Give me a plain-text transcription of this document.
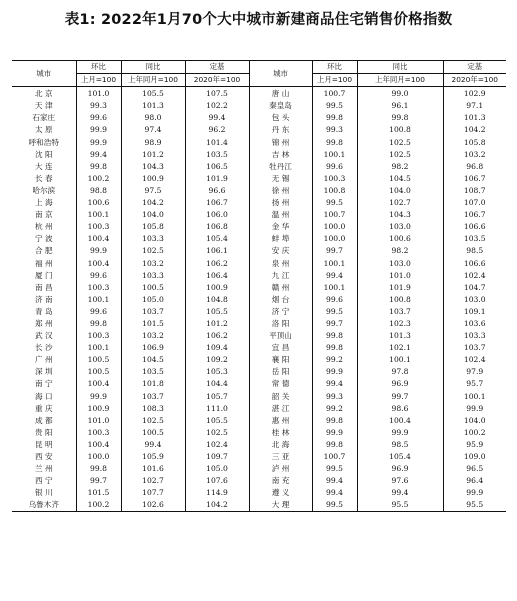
表1: 2022年1月70个大中城市新建商品住宅销售价格指数
城市	环比	同比	定基	城市	环比	同比	定基
	上月=100	上年同月=100	2020年=100		上月=100	上年同月=100	2020年=100
北 京	101.0	105.5	107.5	唐 山	100.7	99.0	102.9
天 津	99.3	101.3	102.2	秦皇岛	99.5	96.1	97.1
石家庄	99.6	98.0	99.4	包 头	99.8	99.8	101.3
太 原	99.9	97.4	96.2	丹 东	99.3	100.8	104.2
呼和浩特	99.9	98.9	101.4	锦 州	99.8	102.5	105.8
沈 阳	99.4	101.2	103.5	吉 林	100.1	102.5	103.2
大 连	99.8	104.3	106.5	牡丹江	99.6	98.2	96.8
长 春	100.2	100.9	101.9	无 锡	100.3	104.5	106.7
哈尔滨	98.8	97.5	96.6	徐 州	100.8	104.0	108.7
上 海	100.6	104.2	106.7	扬 州	99.5	102.7	107.0
南 京	100.1	104.0	106.0	温 州	100.7	104.3	106.7
杭 州	100.3	105.8	106.8	金 华	100.0	103.0	106.6
宁 波	100.4	103.3	105.4	蚌 埠	100.0	100.6	103.5
合 肥	99.9	102.5	106.1	安 庆	99.7	98.2	98.5
福 州	100.4	103.2	106.2	泉 州	100.1	103.0	106.6
厦 门	99.6	103.3	106.4	九 江	99.4	101.0	102.4
南 昌	100.3	100.5	100.9	赣 州	100.1	101.9	104.7
济 南	100.1	105.0	104.8	烟 台	99.6	100.8	103.0
青 岛	99.6	103.7	105.5	济 宁	99.5	103.7	109.1
郑 州	99.8	101.5	101.2	洛 阳	99.7	102.3	103.6
武 汉	100.3	103.2	106.2	平顶山	99.8	101.3	103.3
长 沙	100.1	106.9	109.4	宜 昌	99.8	102.1	103.7
广 州	100.5	104.5	109.2	襄 阳	99.2	100.1	102.4
深 圳	100.5	103.5	105.3	岳 阳	99.9	97.8	97.9
南 宁	100.4	101.8	104.4	常 德	99.4	96.9	95.7
海 口	99.9	103.7	105.7	韶 关	99.3	99.7	100.1
重 庆	100.9	108.3	111.0	湛 江	99.2	98.6	99.9
成 都	101.0	102.5	105.5	惠 州	99.8	100.4	104.0
贵 阳	100.3	100.5	102.5	桂 林	99.9	99.9	100.2
昆 明	100.4	99.4	102.4	北 海	99.8	98.5	95.9
西 安	100.0	105.9	109.7	三 亚	100.7	105.4	109.0
兰 州	99.8	101.6	105.0	泸 州	99.5	96.9	96.5
西 宁	99.7	102.7	107.6	南 充	99.4	97.6	96.4
银 川	101.5	107.7	114.9	遵 义	99.4	99.4	99.9
乌鲁木齐	100.2	102.6	104.2	大 理	99.5	95.5	95.5
